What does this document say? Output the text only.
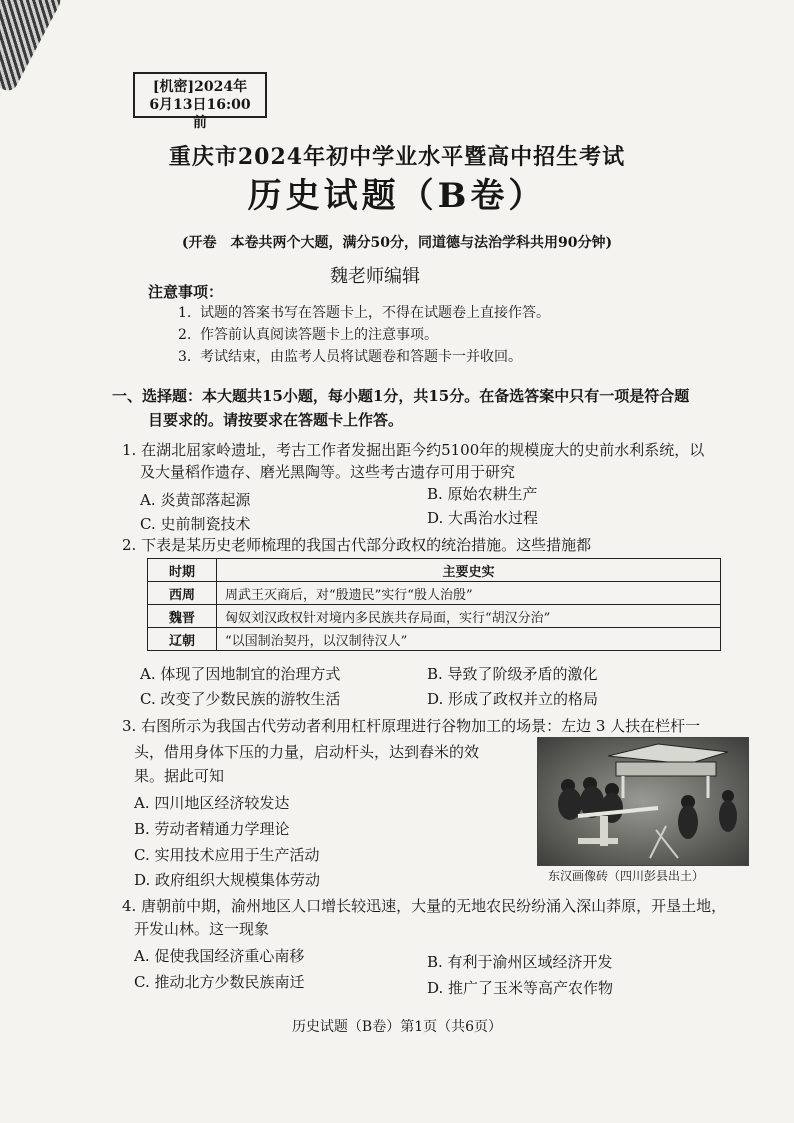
[机密]2024年
6月13日16:00前
重庆市2024年初中学业水平暨高中招生考试
历史试题（B卷）
(开卷　本卷共两个大题，满分50分，同道德与法治学科共用90分钟)
魏老师编辑
注意事项：
1. 试题的答案书写在答题卡上，不得在试题卷上直接作答。
2. 作答前认真阅读答题卡上的注意事项。
3. 考试结束，由监考人员将试题卷和答题卡一并收回。
一、选择题：本大题共15小题，每小题1分，共15分。在备选答案中只有一项是符合题
目要求的。请按要求在答题卡上作答。
1. 在湖北屈家岭遗址，考古工作者发掘出距今约5100年的规模庞大的史前水利系统，以
及大量稻作遗存、磨光黑陶等。这些考古遗存可用于研究
A. 炎黄部落起源	B. 原始农耕生产
C. 史前制瓷技术	D. 大禹治水过程
2. 下表是某历史老师梳理的我国古代部分政权的统治措施。这些措施都
时期	主要史实
西周	周武王灭商后，对“殷遗民”实行“殷人治殷”
魏晋	匈奴刘汉政权针对境内多民族共存局面，实行“胡汉分治”
辽朝	“以国制治契丹，以汉制待汉人”
A. 体现了因地制宜的治理方式	B. 导致了阶级矛盾的激化
C. 改变了少数民族的游牧生活	D. 形成了政权并立的格局
3. 右图所示为我国古代劳动者利用杠杆原理进行谷物加工的场景：左边 3 人扶在栏杆一
头，借用身体下压的力量，启动杆头，达到舂米的效
果。据此可知
A. 四川地区经济较发达
B. 劳动者精通力学理论
C. 实用技术应用于生产活动
D. 政府组织大规模集体劳动	东汉画像砖（四川彭县出土）
4. 唐朝前中期，渝州地区人口增长较迅速，大量的无地农民纷纷涌入深山莽原，开垦土地，
开发山林。这一现象
A. 促使我国经济重心南移	B. 有利于渝州区域经济开发
C. 推动北方少数民族南迁	D. 推广了玉米等高产农作物
历史试题（B卷）第1页（共6页）
